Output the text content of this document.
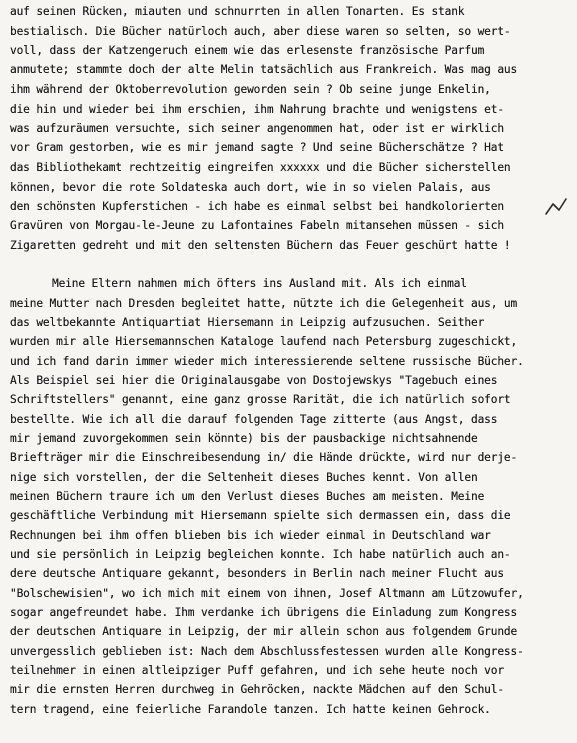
auf seinen Rücken, miauten und schnurrten in allen Tonarten. Es stank
bestialisch. Die Bücher natürloch auch, aber diese waren so selten, so wert-
voll, dass der Katzengeruch einem wie das erlesenste französische Parfum
anmutete; stammte doch der alte Melin tatsächlich aus Frankreich. Was mag aus
ihm während der Oktoberrevolution geworden sein ? Ob seine junge Enkelin,
die hin und wieder bei ihm erschien, ihm Nahrung brachte und wenigstens et-
was aufzuräumen versuchte, sich seiner angenommen hat, oder ist er wirklich
vor Gram gestorben, wie es mir jemand sagte ? Und seine Bücherschätze ? Hat
das Bibliothekamt rechtzeitig eingreifen xxxxxx und die Bücher sicherstellen
können, bevor die rote Soldateska auch dort, wie in so vielen Palais, aus
den schönsten Kupferstichen - ich habe es einmal selbst bei handkolorierten
Gravüren von Morgau-le-Jeune zu Lafontaines Fabeln mitansehen müssen - sich
Zigaretten gedreht und mit den seltensten Büchern das Feuer geschürt hatte !
Meine Eltern nahmen mich öfters ins Ausland mit. Als ich einmal
meine Mutter nach Dresden begleitet hatte, nützte ich die Gelegenheit aus, um
das weltbekannte Antiquartiat Hiersemann in Leipzig aufzusuchen. Seither
wurden mir alle Hiersemannschen Kataloge laufend nach Petersburg zugeschickt,
und ich fand darin immer wieder mich interessierende seltene russische Bücher.
Als Beispiel sei hier die Originalausgabe von Dostojewskys "Tagebuch eines
Schriftstellers" genannt, eine ganz grosse Rarität, die ich natürlich sofort
bestellte. Wie ich all die darauf folgenden Tage zitterte (aus Angst, dass
mir jemand zuvorgekommen sein könnte) bis der pausbackige nichtsahnende
Briefträger mir die Einschreibesendung in/ die Hände drückte, wird nur derje-
nige sich vorstellen, der die Seltenheit dieses Buches kennt. Von allen
meinen Büchern traure ich um den Verlust dieses Buches am meisten. Meine
geschäftliche Verbindung mit Hiersemann spielte sich dermassen ein, dass die
Rechnungen bei ihm offen blieben bis ich wieder einmal in Deutschland war
und sie persönlich in Leipzig begleichen konnte. Ich habe natürlich auch an-
dere deutsche Antiquare gekannt, besonders in Berlin nach meiner Flucht aus
"Bolschewisien", wo ich mich mit einem von ihnen, Josef Altmann am Lützowufer,
sogar angefreundet habe. Ihm verdanke ich übrigens die Einladung zum Kongress
der deutschen Antiquare in Leipzig, der mir allein schon aus folgendem Grunde
unvergesslich geblieben ist: Nach dem Abschlussfestessen wurden alle Kongress-
teilnehmer in einen altleipziger Puff gefahren, und ich sehe heute noch vor
mir die ernsten Herren durchweg in Gehröcken, nackte Mädchen auf den Schul-
tern tragend, eine feierliche Farandole tanzen. Ich hatte keinen Gehrock.
